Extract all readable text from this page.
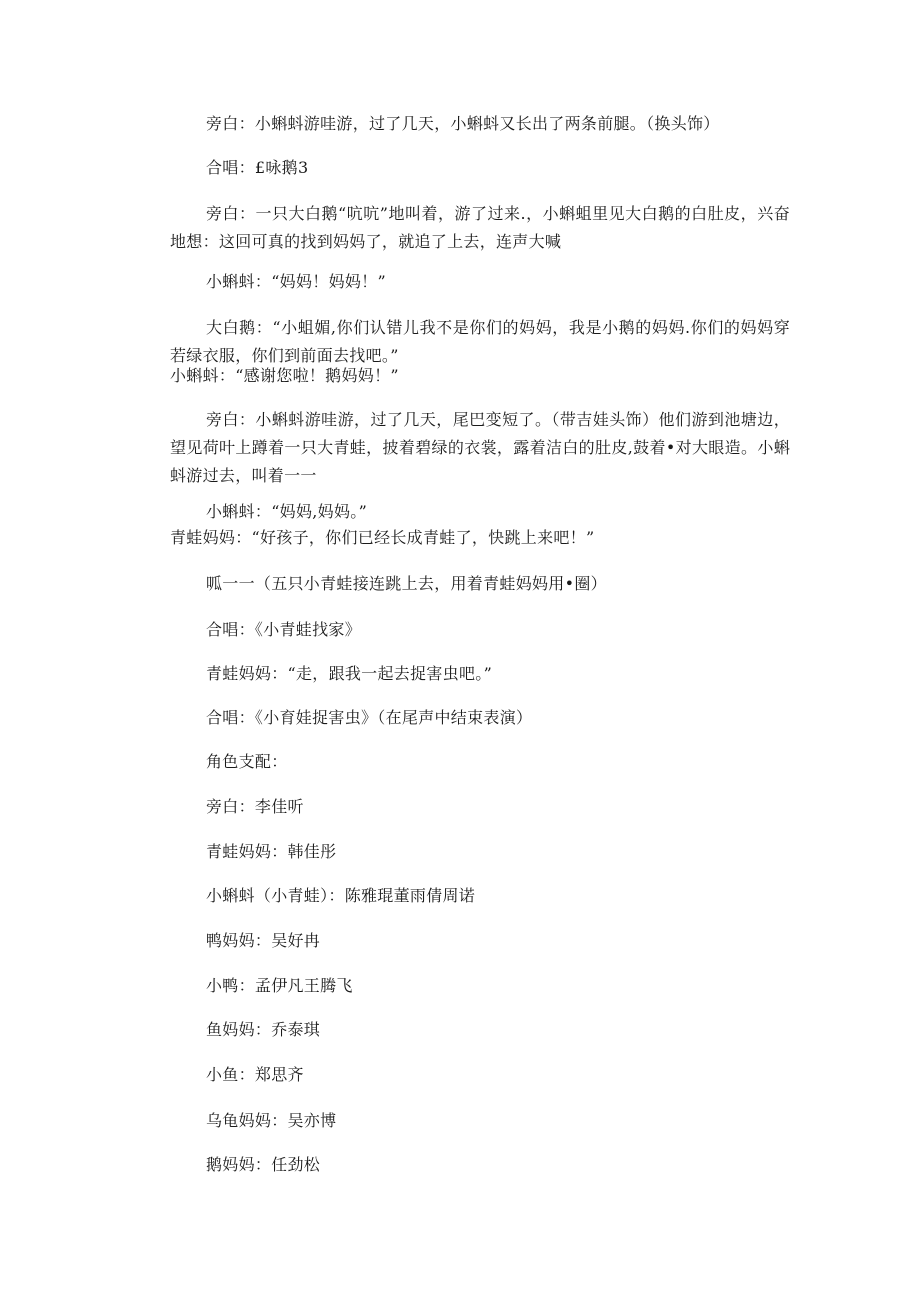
旁白：小蝌蚪游哇游，过了几天，小蝌蚪又长出了两条前腿。（换头饰）
合唱：£咏鹅3
旁白：一只大白鹅“吭吭”地叫着，游了过来.，小蝌蛆里见大白鹅的白肚皮，兴奋地想：这回可真的找到妈妈了，就追了上去，连声大喊
小蝌蚪：“妈妈！妈妈！”
大白鹅：“小蛆媚,你们认错儿我不是你们的妈妈，我是小鹅的妈妈.你们的妈妈穿若绿衣服，你们到前面去找吧。”
小蝌蚪：“感谢您啦！鹅妈妈！”
旁白：小蝌蚪游哇游，过了几天，尾巴变短了。（带吉娃头饰）他们游到池塘边，望见荷叶上蹲着一只大青蛙，披着碧绿的衣裳，露着洁白的肚皮,鼓着•对大眼造。小蝌蚪游过去，叫着一一
小蝌蚪：“妈妈,妈妈。”
青蛙妈妈：“好孩子，你们已经长成青蛙了，快跳上来吧！”
呱一一（五只小青蛙接连跳上去，用着青蛙妈妈用•圈）
合唱：《小青蛙找家》
青蛙妈妈：“走，跟我一起去捉害虫吧。”
合唱：《小育娃捉害虫》（在尾声中结束表演）
角色支配：
旁白：李佳听
青蛙妈妈：韩佳彤
小蝌蚪（小青蛙）：陈雅琨董雨倩周诺
鸭妈妈：吴好冉
小鸭：孟伊凡王腾飞
鱼妈妈：乔泰琪
小鱼：郑思齐
乌龟妈妈：吴亦博
鹅妈妈：任劲松
